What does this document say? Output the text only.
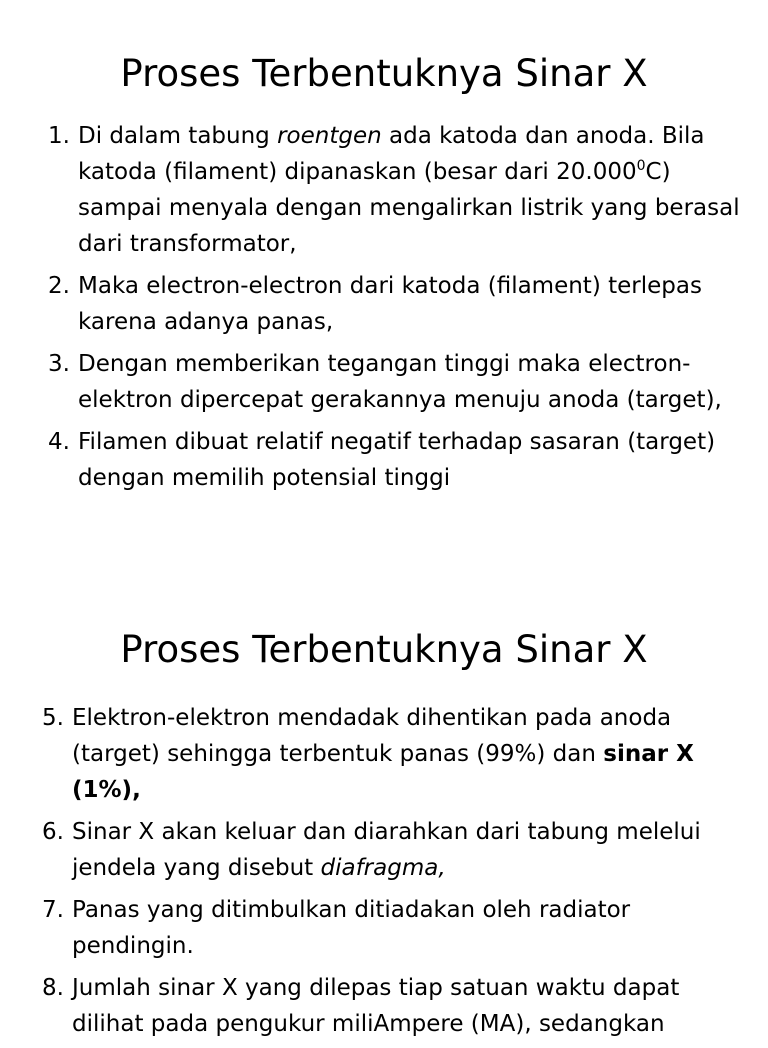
Proses Terbentuknya Sinar X
1. Di dalam tabung roentgen ada katoda dan anoda. Bila katoda (filament) dipanaskan (besar dari 20.000$^0$C) sampai menyala dengan mengalirkan listrik yang berasal dari transformator,
2. Maka electron-electron dari katoda (filament) terlepas karena adanya panas,
3. Dengan memberikan tegangan tinggi maka electron-elektron dipercepat gerakannya menuju anoda (target),
4. Filamen dibuat relatif negatif terhadap sasaran (target) dengan memilih potensial tinggi
Proses Terbentuknya Sinar X
5. Elektron-elektron mendadak dihentikan pada anoda (target) sehingga terbentuk panas (99%) dan sinar X (1%),
6. Sinar X akan keluar dan diarahkan dari tabung melelui jendela yang disebut diafragma,
7. Panas yang ditimbulkan ditiadakan oleh radiator pendingin.
8. Jumlah sinar X yang dilepas tiap satuan waktu dapat dilihat pada pengukur miliAmpere (MA), sedangkan
